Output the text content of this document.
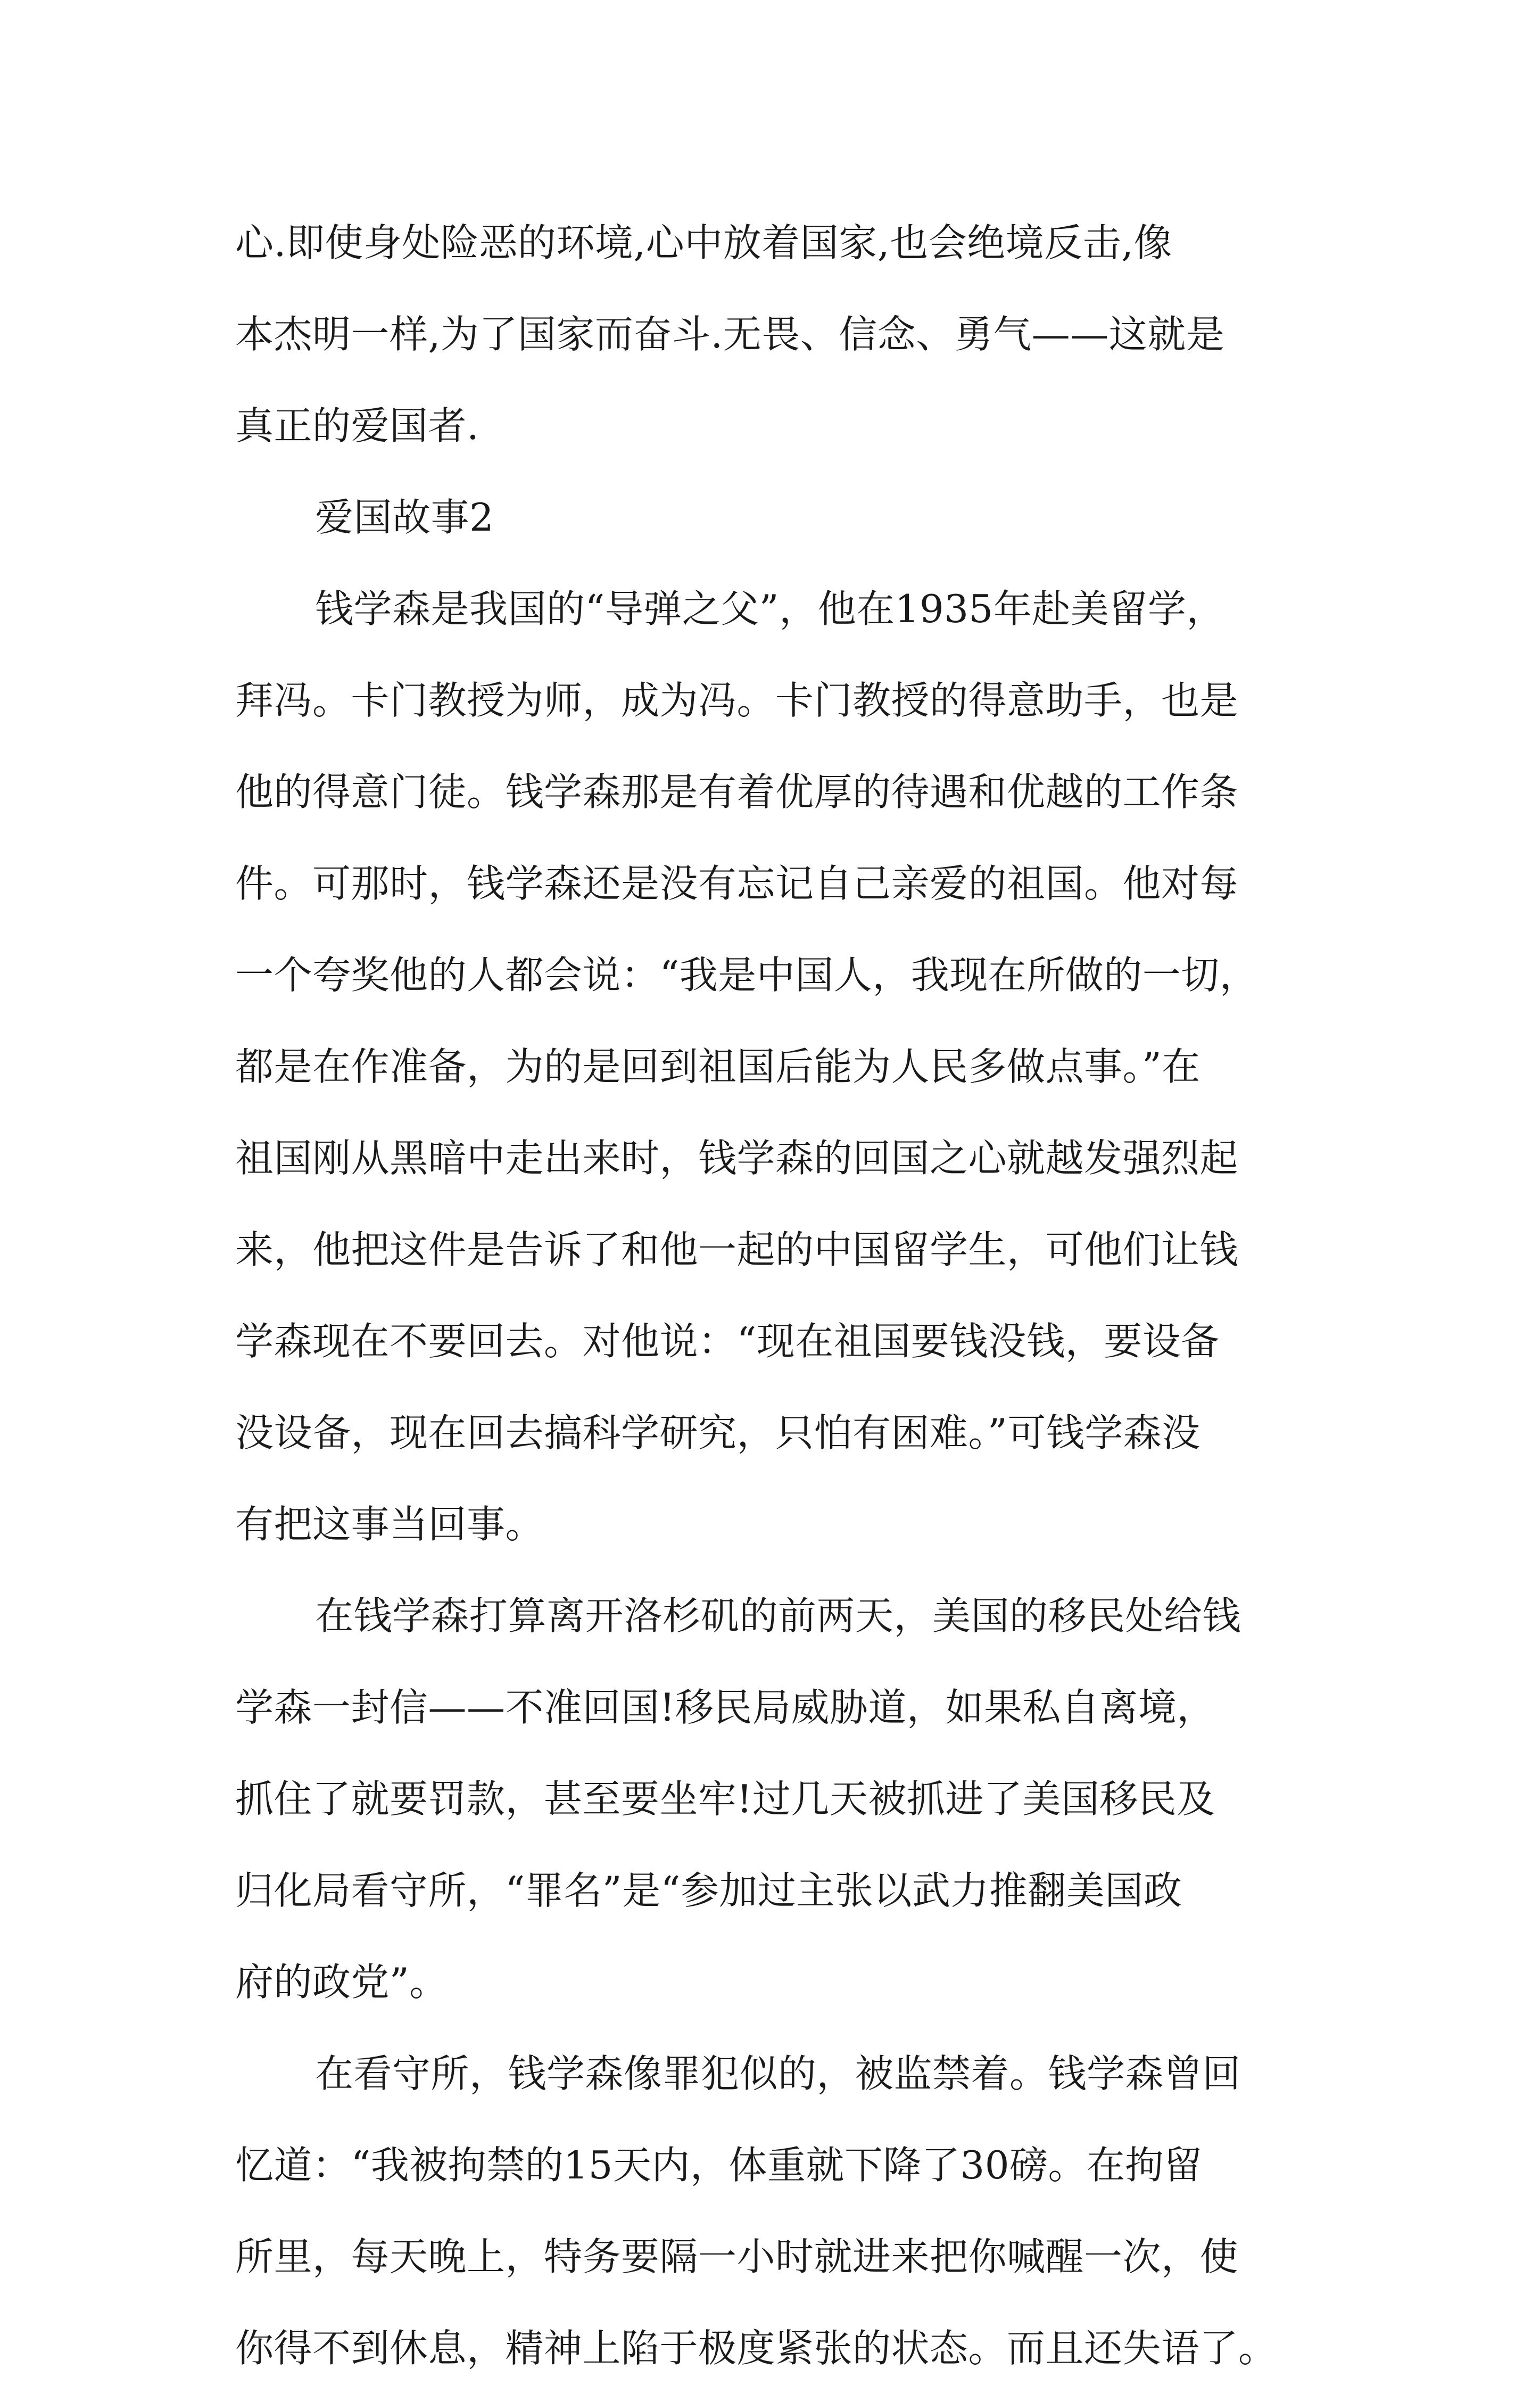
心.即使身处险恶的环境,心中放着国家,也会绝境反击,像
本杰明一样,为了国家而奋斗.无畏、信念、勇气——这就是
真正的爱国者.
爱国故事2
钱学森是我国的“导弹之父”，他在1935年赴美留学，
拜冯。卡门教授为师，成为冯。卡门教授的得意助手，也是
他的得意门徒。钱学森那是有着优厚的待遇和优越的工作条
件。可那时，钱学森还是没有忘记自己亲爱的祖国。他对每
一个夸奖他的人都会说：“我是中国人，我现在所做的一切，
都是在作准备，为的是回到祖国后能为人民多做点事。”在
祖国刚从黑暗中走出来时，钱学森的回国之心就越发强烈起
来，他把这件是告诉了和他一起的中国留学生，可他们让钱
学森现在不要回去。对他说：“现在祖国要钱没钱，要设备
没设备，现在回去搞科学研究，只怕有困难。”可钱学森没
有把这事当回事。
在钱学森打算离开洛杉矶的前两天，美国的移民处给钱
学森一封信——不准回国!移民局威胁道，如果私自离境，
抓住了就要罚款，甚至要坐牢!过几天被抓进了美国移民及
归化局看守所，“罪名”是“参加过主张以武力推翻美国政
府的政党”。
在看守所，钱学森像罪犯似的，被监禁着。钱学森曾回
忆道：“我被拘禁的15天内，体重就下降了30磅。在拘留
所里，每天晚上，特务要隔一小时就进来把你喊醒一次，使
你得不到休息，精神上陷于极度紧张的状态。而且还失语了。
